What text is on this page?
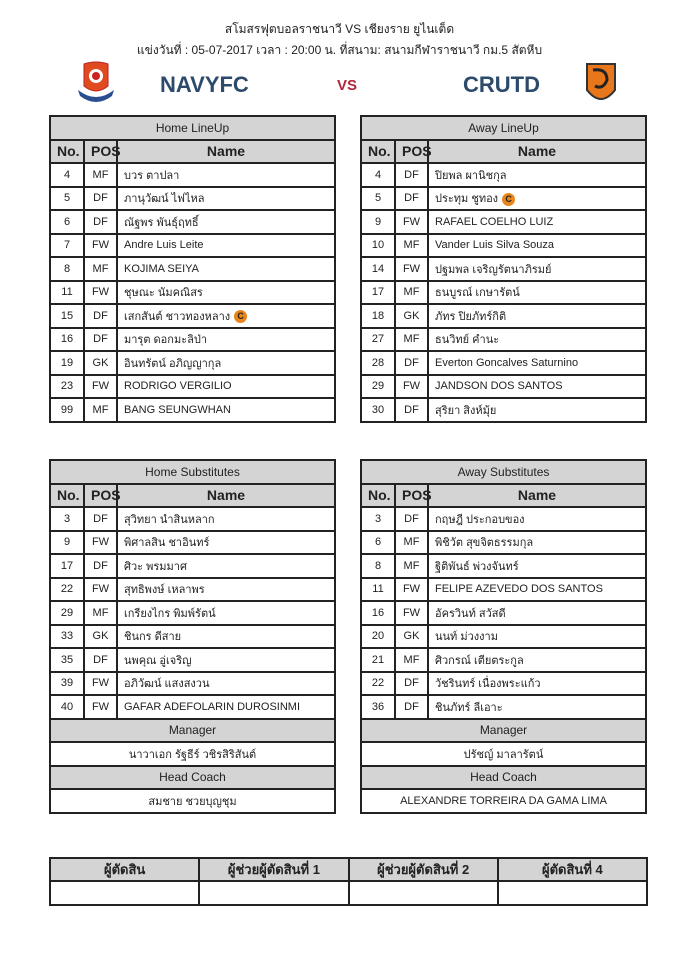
สโมสรฟุตบอลราชนาวี VS เชียงราย ยูไนเต็ด
แข่งวันที่ : 05-07-2017 เวลา : 20:00 น. ที่สนาม: สนามกีฬาราชนาวี กม.5 สัตหีบ
NAVYFC	VS	CRUTD
Home LineUp		
No.	POS	Name
4	MF	บวร ตาปลา
5	DF	ภานุวัฒน์ ไฟไหล
6	DF	ณัฐพร พันธุ์ฤทธิ์
7	FW	Andre Luis Leite
8	MF	KOJIMA SEIYA
11	FW	ชุษณะ นัมคณิสร
15	DF	เสกสันต์ ชาวทองหลาง C
16	DF	มารุต ดอกมะลิป่า
19	GK	อินทรัตน์ อภิญญากุล
23	FW	RODRIGO VERGILIO
99	MF	BANG SEUNGWHAN
Away LineUp		
No.	POS	Name
4	DF	ปิยพล ผานิชกุล
5	DF	ประทุม ชูทอง C
9	FW	RAFAEL COELHO LUIZ
10	MF	Vander Luis Silva Souza
14	FW	ปฐมพล เจริญรัตนาภิรมย์
17	MF	ธนบูรณ์ เกษารัตน์
18	GK	ภัทร ปิยภัทร์กิติ
27	MF	ธนวิทย์ คำนะ
28	DF	Everton Goncalves Saturnino
29	FW	JANDSON DOS SANTOS
30	DF	สุริยา สิงห์มุ้ย
Home Substitutes		
No.	POS	Name
3	DF	สุวิทยา นำสินหลาก
9	FW	พิศาลสิน ชาอินทร์
17	DF	ศิวะ พรมมาศ
22	FW	สุทธิพงษ์ เหลาพร
29	MF	เกรียงไกร พิมพ์รัตน์
33	GK	ชินกร ดีสาย
35	DF	นพคุณ อู่เจริญ
39	FW	อภิวัฒน์ แสงสงวน
40	FW	GAFAR ADEFOLARIN DUROSINMI
Manager		
นาวาเอก รัฐธีร์ วชิรสิริสันต์		
Head Coach		
สมชาย ชวยบุญชุม		
Away Substitutes		
No.	POS	Name
3	DF	กฤษฎี ประกอบของ
6	MF	พิชิวัต สุขจิตธรรมกุล
8	MF	ฐิติพันธ์ พ่วงจันทร์
11	FW	FELIPE AZEVEDO DOS SANTOS
16	FW	อัครวินท์ สวัสดี
20	GK	นนท์ ม่วงงาม
21	MF	ศิวกรณ์ เตียตระกูล
22	DF	วัชรินทร์ เนื่องพระแก้ว
36	DF	ชินภัทร์ ลีเอาะ
Manager		
ปรัชญ์ มาลารัตน์		
Head Coach		
ALEXANDRE TORREIRA DA GAMA LIMA		
ผู้ตัดสิน	ผู้ช่วยผู้ตัดสินที่ 1	ผู้ช่วยผู้ตัดสินที่ 2	ผู้ตัดสินที่ 4
